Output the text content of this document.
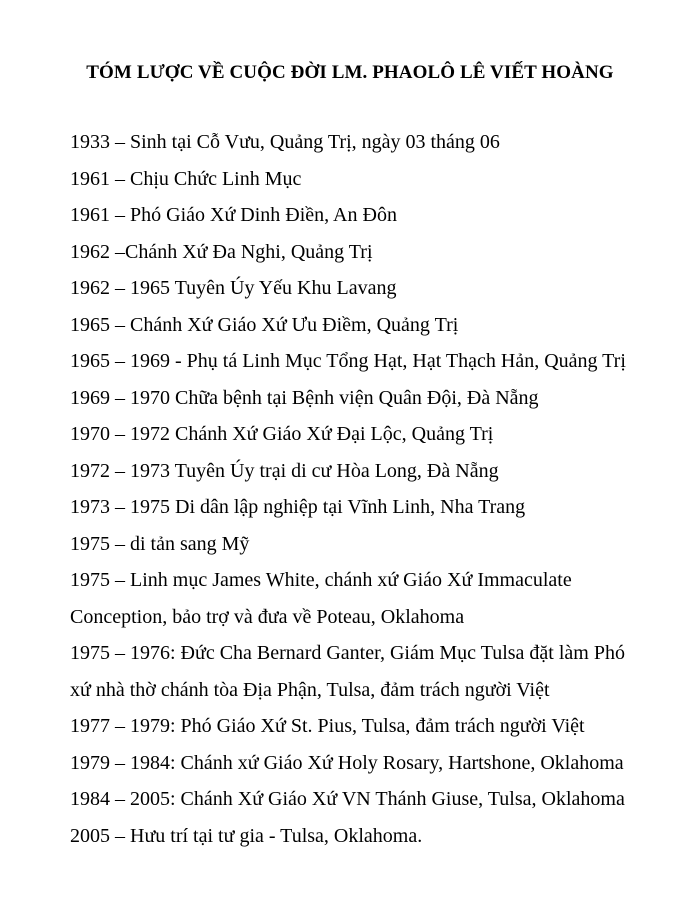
TÓM LƯỢC VỀ CUỘC ĐỜI LM. PHAOLÔ LÊ VIẾT HOÀNG
1933 – Sinh tại Cỗ Vưu, Quảng Trị, ngày 03 tháng 06
1961 – Chịu Chức Linh Mục
1961 – Phó Giáo Xứ Dinh Điền, An Đôn
1962 –Chánh Xứ Đa Nghi, Quảng Trị
1962 – 1965 Tuyên Úy Yếu Khu Lavang
1965 – Chánh Xứ Giáo Xứ Ưu Điềm, Quảng Trị
1965 – 1969 - Phụ tá Linh Mục Tổng Hạt, Hạt Thạch Hản, Quảng Trị
1969 – 1970 Chữa bệnh tại Bệnh viện Quân Đội, Đà Nẵng
1970 – 1972 Chánh Xứ Giáo Xứ Đại Lộc, Quảng Trị
1972 – 1973 Tuyên Úy trại di cư Hòa Long, Đà Nẵng
1973 – 1975 Di dân lập nghiệp tại Vĩnh Linh, Nha Trang
1975 – di tản sang Mỹ
1975 – Linh mục James White, chánh xứ Giáo Xứ Immaculate
Conception, bảo trợ và đưa về Poteau, Oklahoma
1975 – 1976: Đức Cha Bernard Ganter, Giám Mục Tulsa đặt làm Phó
xứ nhà thờ chánh tòa Địa Phận, Tulsa, đảm trách người Việt
1977 – 1979: Phó Giáo Xứ St. Pius, Tulsa, đảm trách người Việt
1979 – 1984: Chánh xứ Giáo Xứ Holy Rosary, Hartshone, Oklahoma
1984 – 2005: Chánh Xứ Giáo Xứ VN Thánh Giuse, Tulsa, Oklahoma
2005 – Hưu trí tại tư gia - Tulsa, Oklahoma.
